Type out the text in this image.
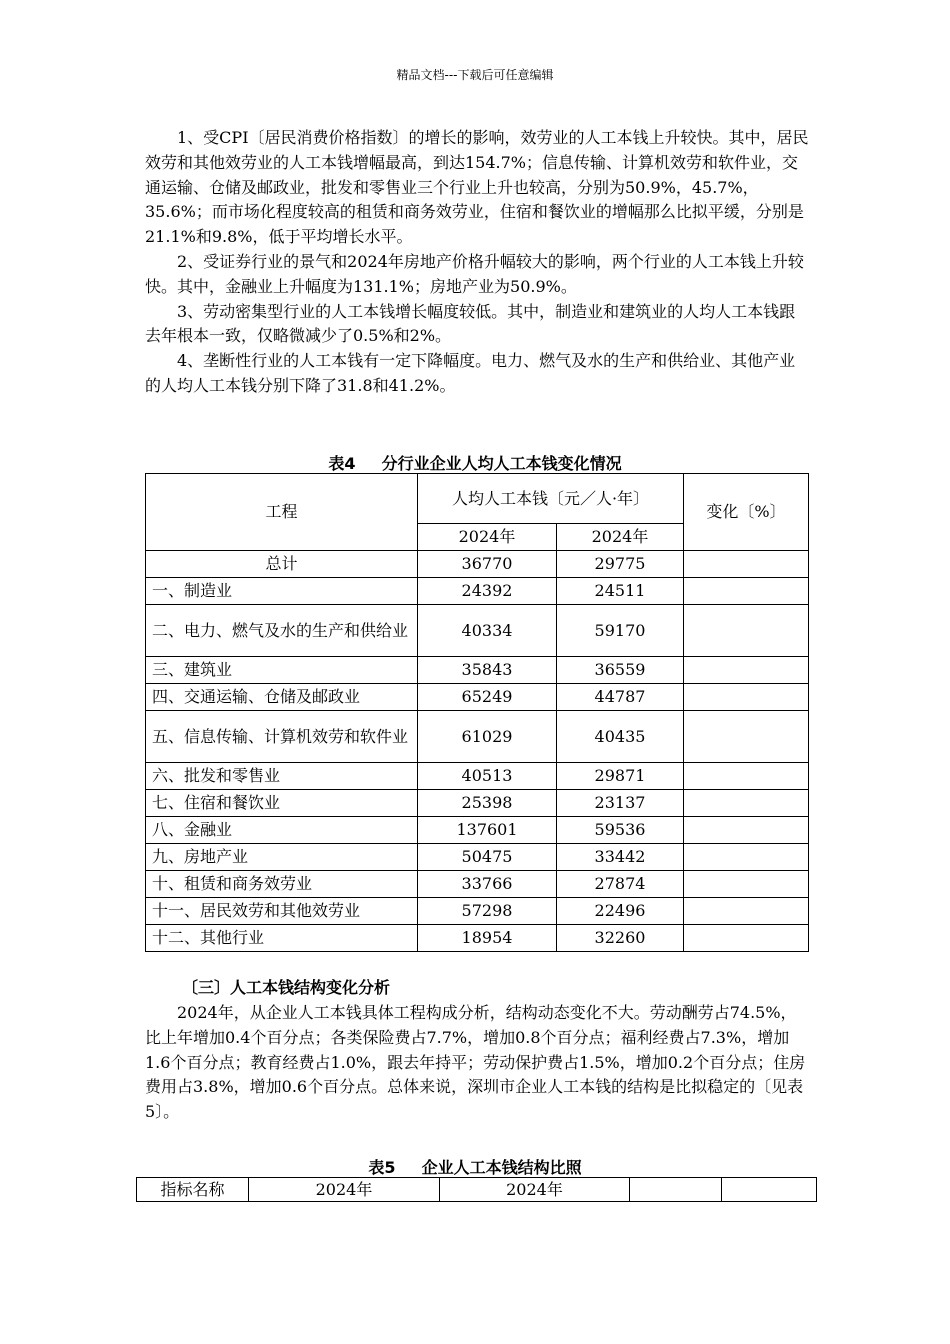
精品文档---下载后可任意编辑

1、受CPI〔居民消费价格指数〕的增长的影响，效劳业的人工本钱上升较快。其中，居民效劳和其他效劳业的人工本钱增幅最高，到达154.7%；信息传输、计算机效劳和软件业，交通运输、仓储及邮政业，批发和零售业三个行业上升也较高，分别为50.9%，45.7%，35.6%；而市场化程度较高的租赁和商务效劳业，住宿和餐饮业的增幅那么比拟平缓，分别是21.1%和9.8%，低于平均增长水平。

2、受证券行业的景气和2024年房地产价格升幅较大的影响，两个行业的人工本钱上升较快。其中，金融业上升幅度为131.1%；房地产业为50.9%。

3、劳动密集型行业的人工本钱增长幅度较低。其中，制造业和建筑业的人均人工本钱跟去年根本一致，仅略微减少了0.5%和2%。

4、垄断性行业的人工本钱有一定下降幅度。电力、燃气及水的生产和供给业、其他产业的人均人工本钱分别下降了31.8和41.2%。

表4 分行业企业人均人工本钱变化情况
工程	人均人工本钱〔元／人·年〕		变化〔%〕
	2024年	2024年	
总计	36770	29775	
一、制造业	24392	24511	
二、电力、燃气及水的生产和供给业	40334	59170	
三、建筑业	35843	36559	
四、交通运输、仓储及邮政业	65249	44787	
五、信息传输、计算机效劳和软件业	61029	40435	
六、批发和零售业	40513	29871	
七、住宿和餐饮业	25398	23137	
八、金融业	137601	59536	
九、房地产业	50475	33442	
十、租赁和商务效劳业	33766	27874	
十一、居民效劳和其他效劳业	57298	22496	
十二、其他行业	18954	32260	
〔三〕人工本钱结构变化分析

2024年，从企业人工本钱具体工程构成分析，结构动态变化不大。劳动酬劳占74.5%，比上年增加0.4个百分点；各类保险费占7.7%，增加0.8个百分点；福利经费占7.3%，增加1.6个百分点；教育经费占1.0%，跟去年持平；劳动保护费占1.5%，增加0.2个百分点；住房费用占3.8%，增加0.6个百分点。总体来说，深圳市企业人工本钱的结构是比拟稳定的〔见表5〕。

表5 企业人工本钱结构比照
指标名称	2024年	2024年		
